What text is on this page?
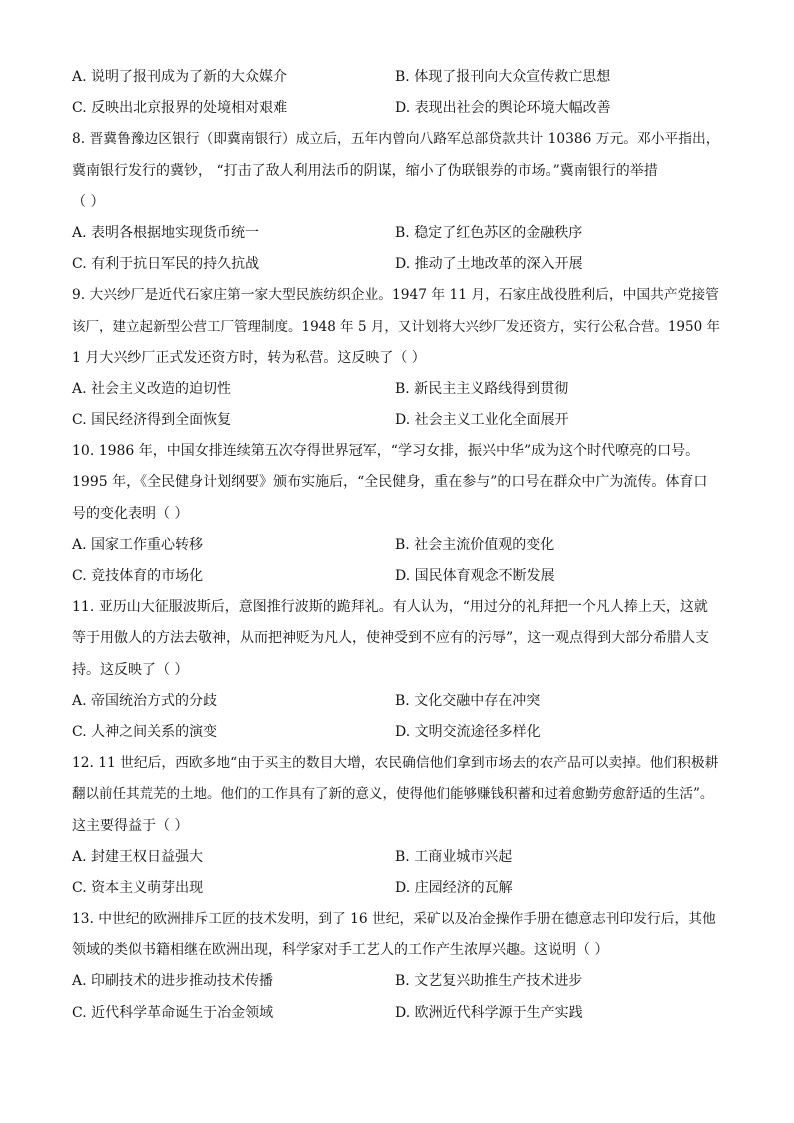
A. 说明了报刊成为了新的大众媒介	B. 体现了报刊向大众宣传救亡思想
C. 反映出北京报界的处境相对艰难	D. 表现出社会的舆论环境大幅改善
8. 晋冀鲁豫边区银行（即冀南银行）成立后，五年内曾向八路军总部贷款共计 10386 万元。邓小平指出，
冀南银行发行的冀钞， “打击了敌人利用法币的阴谋，缩小了伪联银券的市场。”冀南银行的举措
（ ）
A. 表明各根据地实现货币统一	B. 稳定了红色苏区的金融秩序
C. 有利于抗日军民的持久抗战	D. 推动了土地改革的深入开展
9. 大兴纱厂是近代石家庄第一家大型民族纺织企业。1947 年 11 月，石家庄战役胜利后，中国共产党接管
该厂，建立起新型公营工厂管理制度。1948 年 5 月，又计划将大兴纱厂发还资方，实行公私合营。1950 年
1 月大兴纱厂正式发还资方时，转为私营。这反映了（ ）
A. 社会主义改造的迫切性	B. 新民主主义路线得到贯彻
C. 国民经济得到全面恢复	D. 社会主义工业化全面展开
10. 1986 年，中国女排连续第五次夺得世界冠军，“学习女排，振兴中华”成为这个时代嘹亮的口号。
1995 年，《全民健身计划纲要》颁布实施后，“全民健身，重在参与”的口号在群众中广为流传。体育口
号的变化表明（ ）
A. 国家工作重心转移	B. 社会主流价值观的变化
C. 竞技体育的市场化	D. 国民体育观念不断发展
11. 亚历山大征服波斯后，意图推行波斯的跪拜礼。有人认为，“用过分的礼拜把一个凡人捧上天，这就
等于用傲人的方法去敬神，从而把神贬为凡人，使神受到不应有的污辱”，这一观点得到大部分希腊人支
持。这反映了（ ）
A. 帝国统治方式的分歧	B. 文化交融中存在冲突
C. 人神之间关系的演变	D. 文明交流途径多样化
12. 11 世纪后，西欧多地“由于买主的数目大增，农民确信他们拿到市场去的农产品可以卖掉。他们积极耕
翻以前任其荒芜的土地。他们的工作具有了新的意义，使得他们能够赚钱积蓄和过着愈勤劳愈舒适的生活”。
这主要得益于（ ）
A. 封建王权日益强大	B. 工商业城市兴起
C. 资本主义萌芽出现	D. 庄园经济的瓦解
13. 中世纪的欧洲排斥工匠的技术发明，到了 16 世纪，采矿以及冶金操作手册在德意志刊印发行后，其他
领域的类似书籍相继在欧洲出现，科学家对手工艺人的工作产生浓厚兴趣。这说明（ ）
A. 印刷技术的进步推动技术传播	B. 文艺复兴助推生产技术进步
C. 近代科学革命诞生于冶金领域	D. 欧洲近代科学源于生产实践
